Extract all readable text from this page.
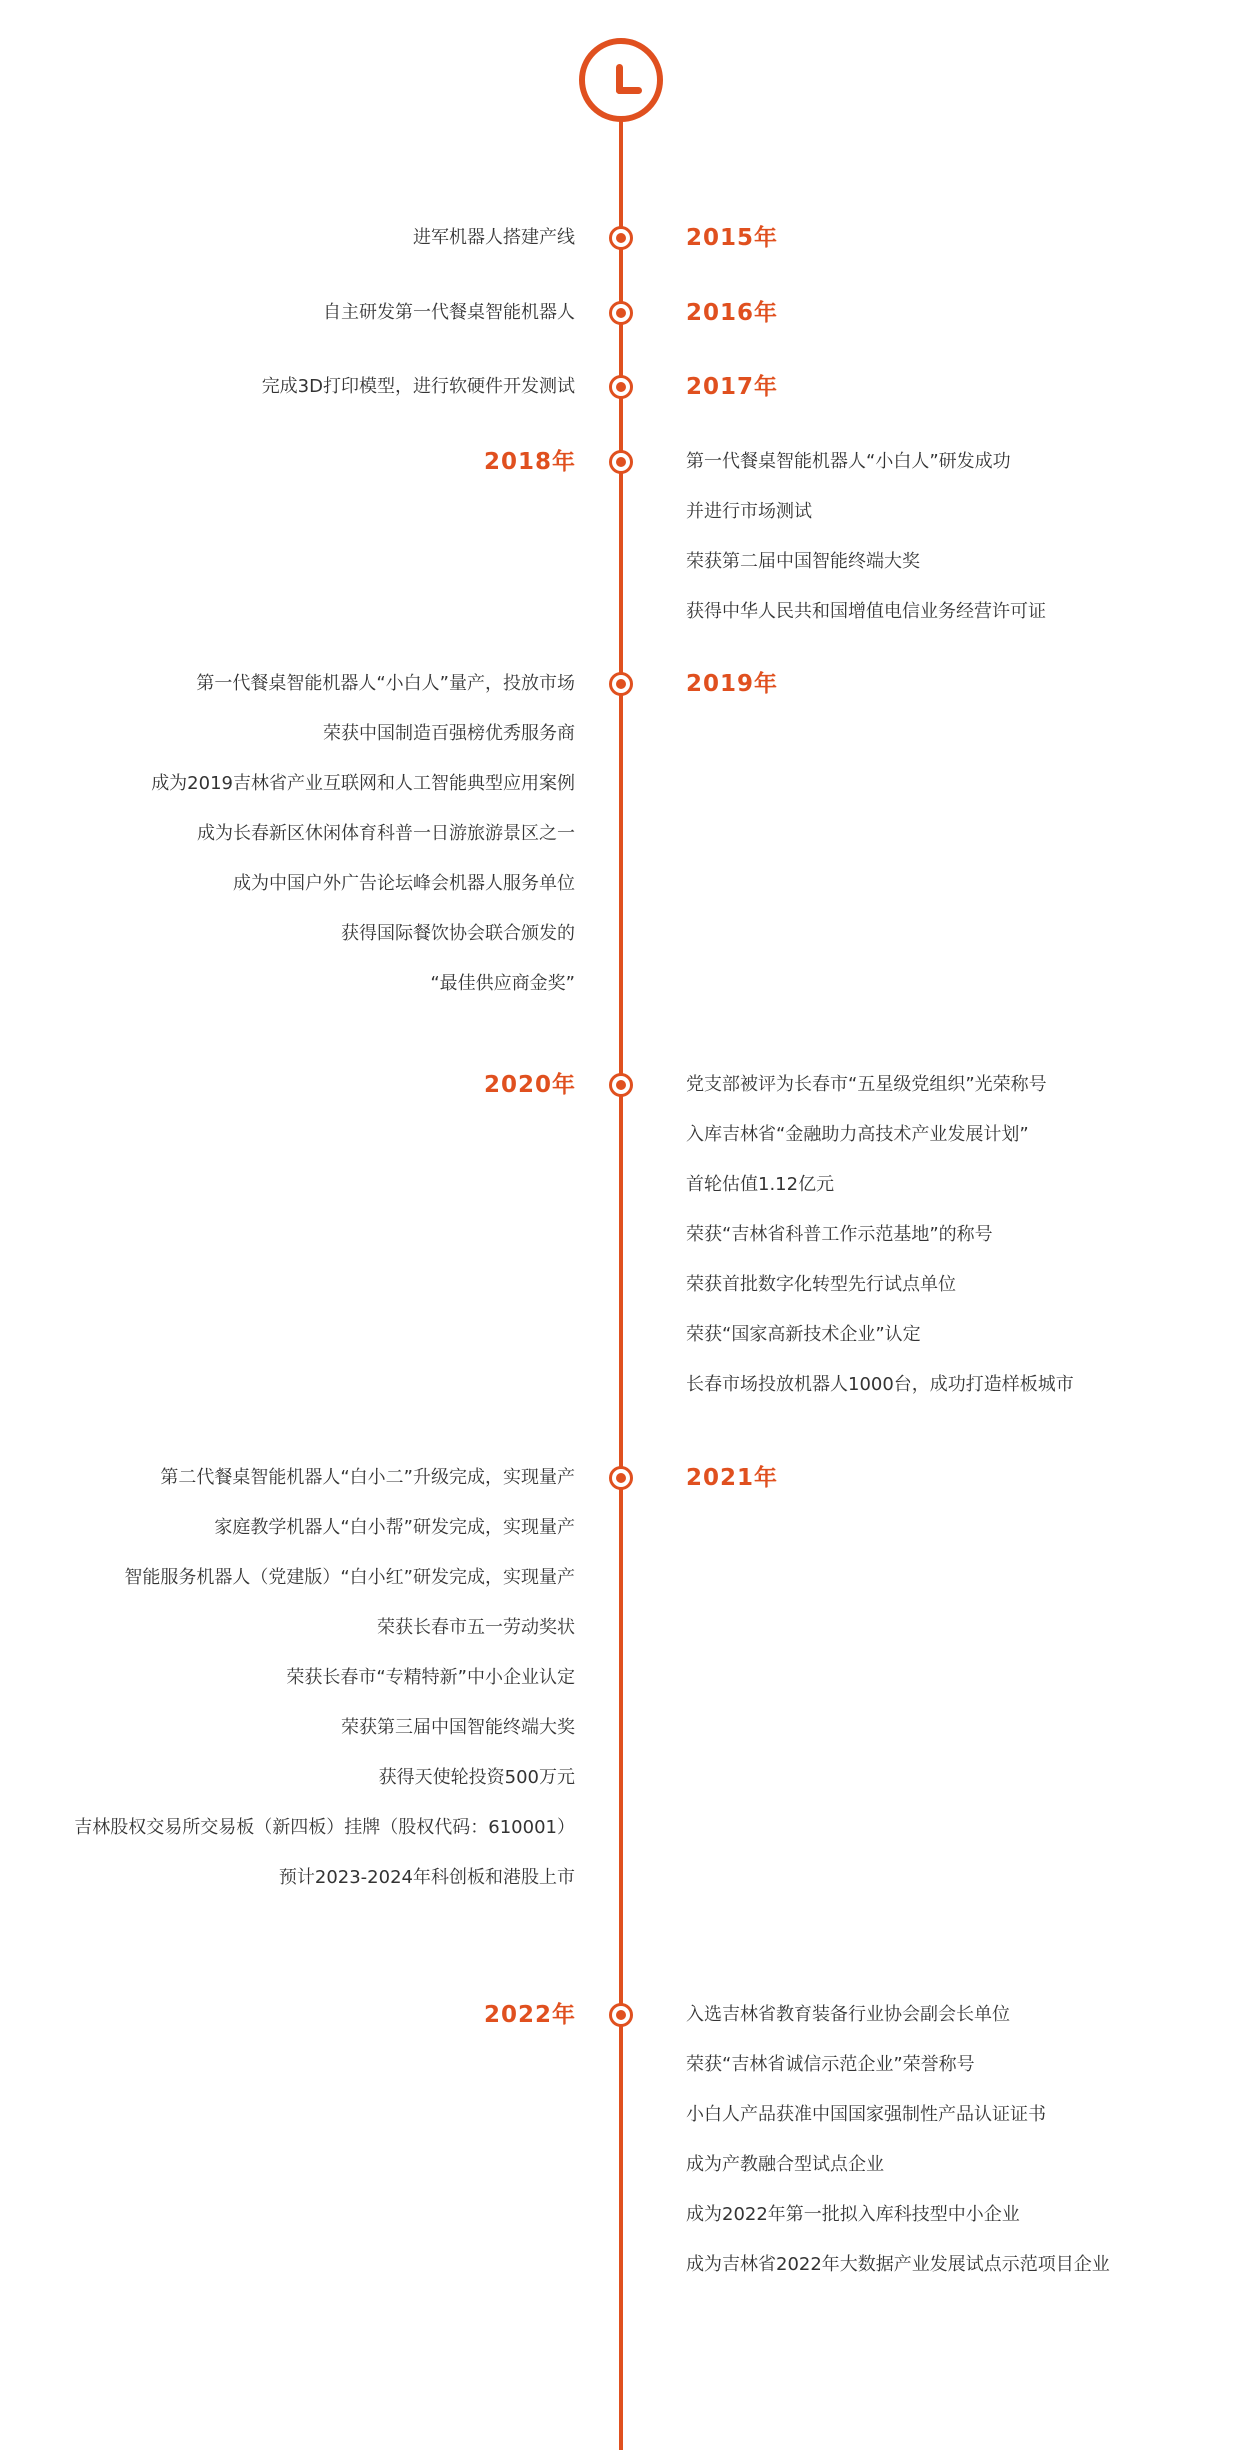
2015年
进军机器人搭建产线
2016年
自主研发第一代餐桌智能机器人
2017年
完成3D打印模型，进行软硬件开发测试
2018年	第一代餐桌智能机器人“小白人”研发成功
并进行市场测试
荣获第二届中国智能终端大奖
获得中华人民共和国增值电信业务经营许可证
2019年
第一代餐桌智能机器人“小白人”量产，投放市场
荣获中国制造百强榜优秀服务商
成为2019吉林省产业互联网和人工智能典型应用案例
成为长春新区休闲体育科普一日游旅游景区之一
成为中国户外广告论坛峰会机器人服务单位
获得国际餐饮协会联合颁发的
“最佳供应商金奖”
2020年	党支部被评为长春市“五星级党组织”光荣称号
入库吉林省“金融助力高技术产业发展计划”
首轮估值1.12亿元
荣获“吉林省科普工作示范基地”的称号
荣获首批数字化转型先行试点单位
荣获“国家高新技术企业”认定
长春市场投放机器人1000台，成功打造样板城市
2021年
第二代餐桌智能机器人“白小二”升级完成，实现量产
家庭教学机器人“白小帮”研发完成，实现量产
智能服务机器人（党建版）“白小红”研发完成，实现量产
荣获长春市五一劳动奖状
荣获长春市“专精特新”中小企业认定
荣获第三届中国智能终端大奖
获得天使轮投资500万元
吉林股权交易所交易板（新四板）挂牌（股权代码：610001）
预计2023-2024年科创板和港股上市
2022年	入选吉林省教育装备行业协会副会长单位
荣获“吉林省诚信示范企业”荣誉称号
小白人产品获准中国国家强制性产品认证证书
成为产教融合型试点企业
成为2022年第一批拟入库科技型中小企业
成为吉林省2022年大数据产业发展试点示范项目企业
